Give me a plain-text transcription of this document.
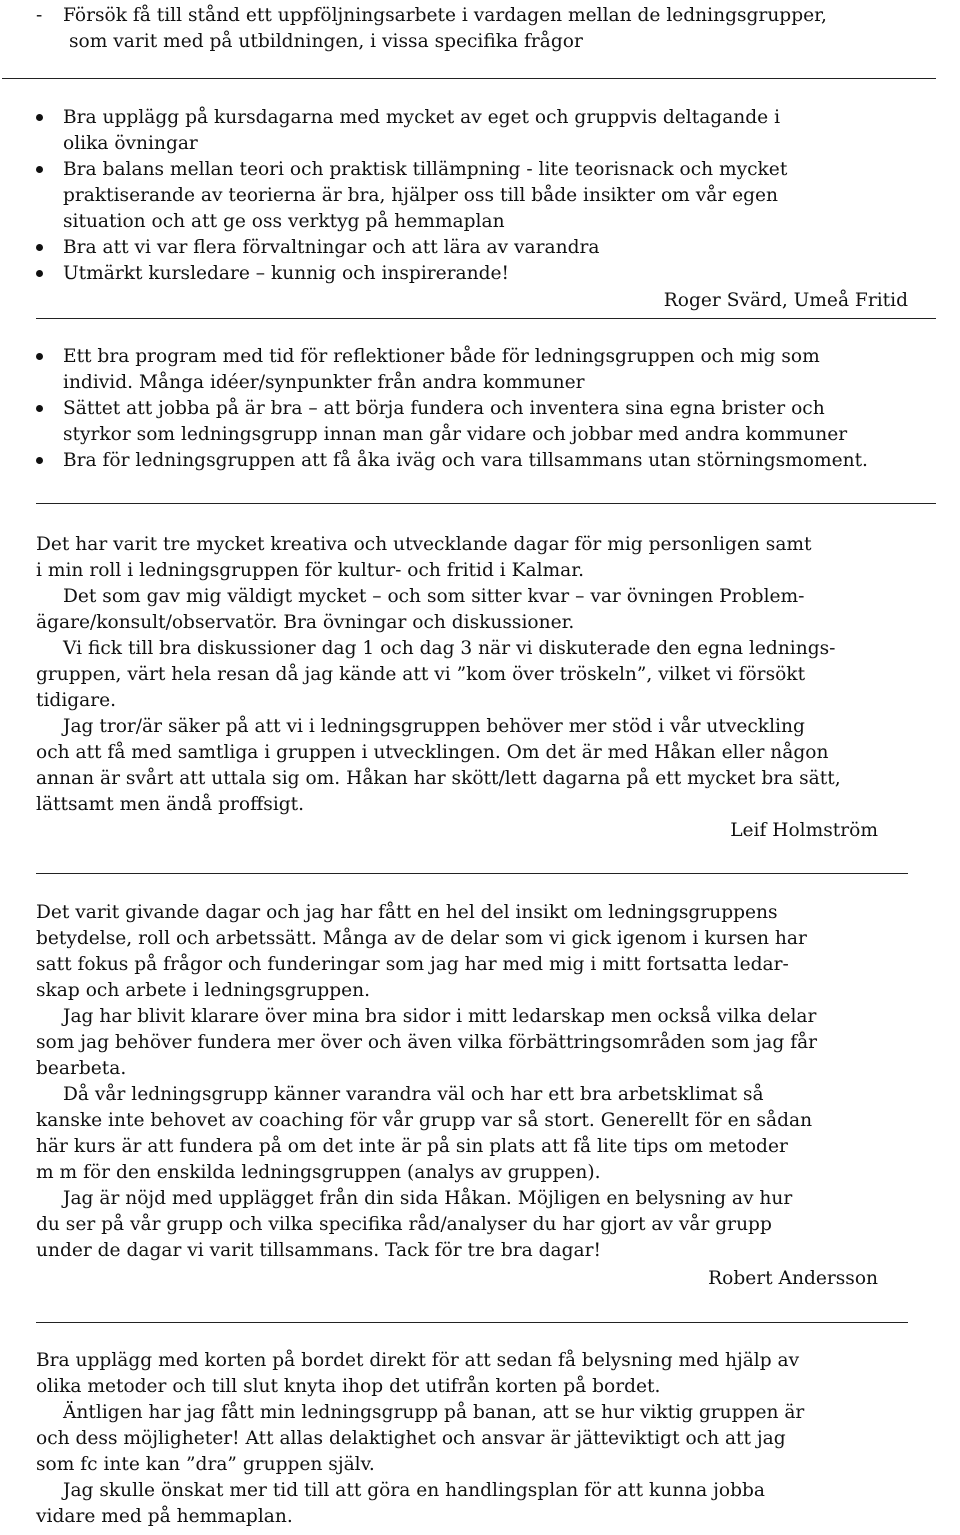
- Försök få till stånd ett uppföljningsarbete i vardagen mellan de ledningsgrupper,
som varit med på utbildningen, i vissa specifika frågor
Bra upplägg på kursdagarna med mycket av eget och gruppvis deltagande i
olika övningar
Bra balans mellan teori och praktisk tillämpning - lite teorisnack och mycket
praktiserande av teorierna är bra, hjälper oss till både insikter om vår egen
situation och att ge oss verktyg på hemmaplan
Bra att vi var flera förvaltningar och att lära av varandra
Utmärkt kursledare – kunnig och inspirerande!
Roger Svärd, Umeå Fritid
Ett bra program med tid för reflektioner både för ledningsgruppen och mig som
individ. Många idéer/synpunkter från andra kommuner
Sättet att jobba på är bra – att börja fundera och inventera sina egna brister och
styrkor som ledningsgrupp innan man går vidare och jobbar med andra kommuner
Bra för ledningsgruppen att få åka iväg och vara tillsammans utan störningsmoment.
Det har varit tre mycket kreativa och utvecklande dagar för mig personligen samt
i min roll i ledningsgruppen för kultur- och fritid i Kalmar.
Det som gav mig väldigt mycket – och som sitter kvar – var övningen Problem-
ägare/konsult/observatör. Bra övningar och diskussioner.
Vi fick till bra diskussioner dag 1 och dag 3 när vi diskuterade den egna lednings-
gruppen, värt hela resan då jag kände att vi ”kom över tröskeln”, vilket vi försökt
tidigare.
Jag tror/är säker på att vi i ledningsgruppen behöver mer stöd i vår utveckling
och att få med samtliga i gruppen i utvecklingen. Om det är med Håkan eller någon
annan är svårt att uttala sig om. Håkan har skött/lett dagarna på ett mycket bra sätt,
lättsamt men ändå proffsigt.
Leif Holmström
Det varit givande dagar och jag har fått en hel del insikt om ledningsgruppens
betydelse, roll och arbetssätt. Många av de delar som vi gick igenom i kursen har
satt fokus på frågor och funderingar som jag har med mig i mitt fortsatta ledar-
skap och arbete i ledningsgruppen.
Jag har blivit klarare över mina bra sidor i mitt ledarskap men också vilka delar
som jag behöver fundera mer över och även vilka förbättringsområden som jag får
bearbeta.
Då vår ledningsgrupp känner varandra väl och har ett bra arbetsklimat så
kanske inte behovet av coaching för vår grupp var så stort. Generellt för en sådan
här kurs är att fundera på om det inte är på sin plats att få lite tips om metoder
m m för den enskilda ledningsgruppen (analys av gruppen).
Jag är nöjd med upplägget från din sida Håkan. Möjligen en belysning av hur
du ser på vår grupp och vilka specifika råd/analyser du har gjort av vår grupp
under de dagar vi varit tillsammans. Tack för tre bra dagar!
Robert Andersson
Bra upplägg med korten på bordet direkt för att sedan få belysning med hjälp av
olika metoder och till slut knyta ihop det utifrån korten på bordet.
Äntligen har jag fått min ledningsgrupp på banan, att se hur viktig gruppen är
och dess möjligheter! Att allas delaktighet och ansvar är jätteviktigt och att jag
som fc inte kan ”dra” gruppen själv.
Jag skulle önskat mer tid till att göra en handlingsplan för att kunna jobba
vidare med på hemmaplan.
